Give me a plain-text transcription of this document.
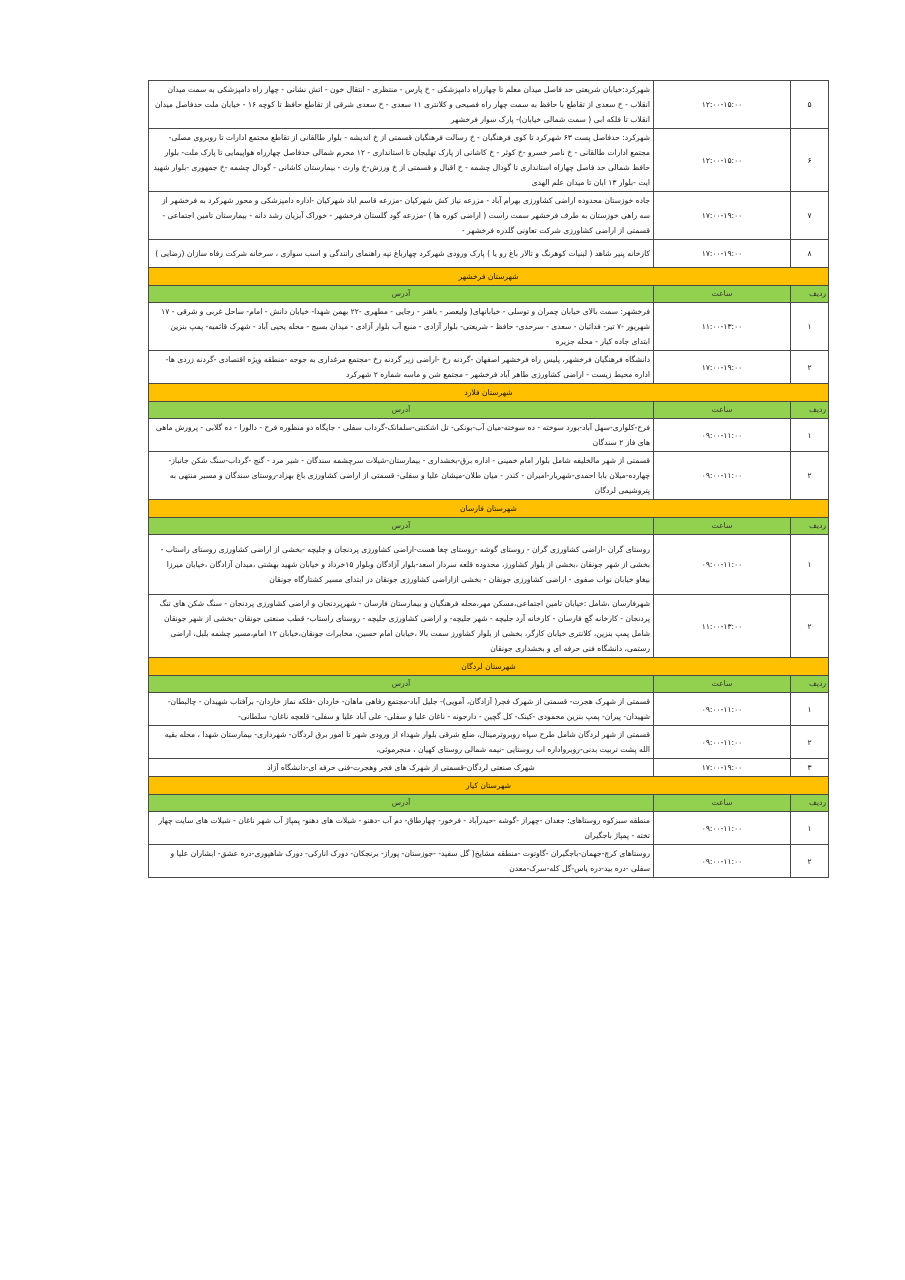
۵	۱۲:۰۰-۱۵:۰۰	شهرکرد:خیابان شریعتی حد فاصل میدان معلم تا چهارراه دامپزشکی - خ پارس - منتظری - انتقال خون - اتش نشانی - چهار راه دامپزشکی به سمت میدان انقلاب - خ سعدی از تقاطع با حافظ به سمت چهار راه فصیحی و کلانتری ۱۱ سعدی - خ سعدی شرقی از تقاطع حافظ تا کوچه ۱۶ - خیابان ملت حدفاصل میدان انقلاب تا فلکه ابی ( سمت شمالی خیابان)- پارک سوار فرخشهر
۶	۱۲:۰۰-۱۵:۰۰	شهرکرد: حدفاصل پست ۶۳ شهرکرد تا کوی فرهنگیان - خ رسالت فرهنگیان قسمتی از خ اندیشه - بلوار طالقانی از تقاطع مجتمع ادارات تا روبروی مصلی- مجتمع ادارات طالقانی - خ ناصر خسرو -خ کوثر - خ کاشانی از پارک تهلیجان تا استانداری - ۱۲ محرم شمالی حدفاصل چهارراه هواپیمایی تا پارک ملت- بلوار حافظ شمالی حد فاصل چهاراه استانداری تا گودال چشمه - خ اقبال و قسمتی از خ ورزش-خ وارث - بیمارستان کاشانی - گودال چشمه -خ جمهوری -بلوار شهید ایت -بلوار ۱۳ ابان تا میدان علم الهدی
۷	۱۷:۰۰-۱۹:۰۰	جاده خوزستان محدوده اراضی کشاورزی بهرام آباد - مزرعه نیاز کش شهرکیان -مزرعه قاسم اباد شهرکیان -اداره دامپزشکی و محور شهرکرد به فرخشهر از سه راهی خوزستان به طرف فرخشهر سمت راست ( اراضی کوره ها ) -مزرعه گود گلستان فرخشهر - خوراک آبزیان رشد دانه - بیمارستان تامین اجتماعی - قسمتی از اراضی کشاورزی شرکت تعاونی گلدره فرخشهر -
۸	۱۷:۰۰-۱۹:۰۰	کارخانه پنیر شاهد ( لبنیات کوهرنگ و تالار باغ رو یا ) پارک ورودی شهرکرد چهارباغ تپه راهنمای رانندگی و اسب سواری ، سرخانه شرکت رفاه سازان (رضایی )
شهرستان فرخشهر		
ردیف	ساعت	آدرس
۱	۱۱:۰۰-۱۳:۰۰	فرخشهر: سمت بالای خیابان چمران و توسلی - خیابانهای( ولیعصر - باهنر - رجایی - مطهری -۲۲ بهمن شهدا- خیابان دانش - امام- ساحل غربی و شرقی - ۱۷ شهریور -۷ تیر- فدائیان - سعدی - سرحدی- حافظ - شریعتی- بلوار آزادی - منبع آب بلوار آزادی - میدان بسیج - محله یحیی آباد - شهرک قائمیه- پمپ بنزین ابتدای جاده کیار - محله جزیره
۲	۱۷:۰۰-۱۹:۰۰	دانشگاه فرهنگیان فرخشهر، پلیس راه فرخشهر اصفهان -گردنه رخ -اراضی زیر گردنه رخ -مجتمع مرغداری به جوجه -منطقه ویژه اقتصادی -گردنه زردی ها- اداره محیط زیست - اراضی کشاورزی طاهر آباد فرخشهر - مجتمع شن و ماسه شماره ۲ شهرکرد
شهرستان فلارد		
ردیف	ساعت	آدرس
۱	۰۹:۰۰-۱۱:۰۰	فرح-کلواری-سهل آباد-بورد سوخته - ده سوخته-میان آب-بونکی- تل اشکنتی-سلمانک-گرداب سفلی - جایگاه دو منظوره فرح - دالورا - ده گلابی - پرورش ماهی های فاز ۲ سندگان
۲	۰۹:۰۰-۱۱:۰۰	قسمتی از شهر مالخلیفه شامل بلوار امام خمینی - اداره برق-بخشداری - بیمارستان-شیلات سرچشمه سندگان - شیر مرد - گنج -گرداب-سنگ شکن جانباز- چهارده-میلان بابا احمدی-شهریار-امیران - کندر - میان طلان-میشان علیا و سفلی- قسمتی از اراضی کشاورزی باغ بهزاد-روستای سندگان و مسیر منتهی به پتروشیمی لردگان
شهرستان فارسان		
ردیف	ساعت	آدرس
۱	۰۹:۰۰-۱۱:۰۰	روستای گران -اراضی کشاورزی گران - روستای گوشه -روستای چغا هست-اراضی کشاورزی پردنجان و جلیچه -بخشی از اراضی کشاورزی روستای راستاب - بخشی از شهر جونقان ،بخشی از بلوار کشاورز، محدوده قلعه سردار اسعد-بلوار آزادگان وبلوار ۱۵خرداد و خیابان شهید بهشتی ،میدان آزادگان ،خیابان میرزا بیغاو خیابان نواب صفوی - اراضی کشاورزی جونقان - بخشی ازاراضی کشاورزی جونقان در ابتدای مسیر کشتارگاه جونقان
۲	۱۱:۰۰-۱۳:۰۰	شهرفارسان ،شامل :خیابان تامین اجتماعی،مسکن مهر،محله فرهنگیان و بیمارستان فارسان - شهرپردنجان و اراضی کشاورزی پردنجان - سنگ شکن های تنگ پردنجان - کارخانه گچ فارسان - کارخانه آرد جلیچه - شهر جلیچه- و اراضی کشاورزی جلیچه - روستای راستاب- قطب صنعتی جونقان -بخشی از شهر جونقان شامل پمپ بنزین، کلانتری خیابان کارگر، بخشی از بلوار کشاورز سمت بالا ،خیابان امام حسین، مخابرات جونقان،خیابان ۱۲ امام،مسیر چشمه بلبل، اراضی رستمی، دانشگاه فنی حرفه ای و بخشداری جونقان
شهرستان لردگان		
ردیف	ساعت	آدرس
۱	۰۹:۰۰-۱۱:۰۰	قسمتی از شهرک هجرت- قسمتی از شهرک فجر( آزادگان، آمویی)- جلیل آباد-مجتمع رفاهی ماهان- خاردان -فلکه نماز خاردان- برآفتاب شهیدان - چالبطان- شهیدان- پیران- پمپ بنزین محمودی -کینک- کل گچین - دارجونه - ناغان علیا و سفلی- علی آباد علیا و سفلی- قلعچه ناغان- سلطانی-
۲	۰۹:۰۰-۱۱:۰۰	قسمتی از شهر لردگان شامل طرح سپاه روبروترمینال، ضلع شرقی بلوار شهداء از ورودی شهر تا امور برق لردگان- شهرداری- بیمارستان شهدا ، محله بقیه الله پشت تربیت بدنی-روبرواداره اب روستایی -نیمه شمالی روستای کهیان ، منجرموئی،
۳	۱۷:۰۰-۱۹:۰۰	شهرک صنعتی لردگان-قسمتی از شهرک های فجر وهجرت-فنی حرفه ای-دانشگاه آزاد
شهرستان کیار		
ردیف	ساعت	آدرس
۱	۰۹:۰۰-۱۱:۰۰	منطقه سبزکوه روستاهای: جغدان -چهراز -گوشه -حیدرآباد - فرخور- چهارطاق- دم آب -دهنو - شیلات های دهنو- پمپاژ آب شهر ناغان - شیلات های سایت چهار تخته - پمپاژ باجگیران
۲	۰۹:۰۰-۱۱:۰۰	روستاهای کرچ-جهمان-باجگیران -گاوتوت -منطقه مشایخ( گل سفید- -جوزستان- پوراز- برنجکان- دورک انارکی- دورک شاهپوری-دره عشق- ابشاران علیا و سفلی -دره بید-دره یاس-گل کله-سرک-معدن
